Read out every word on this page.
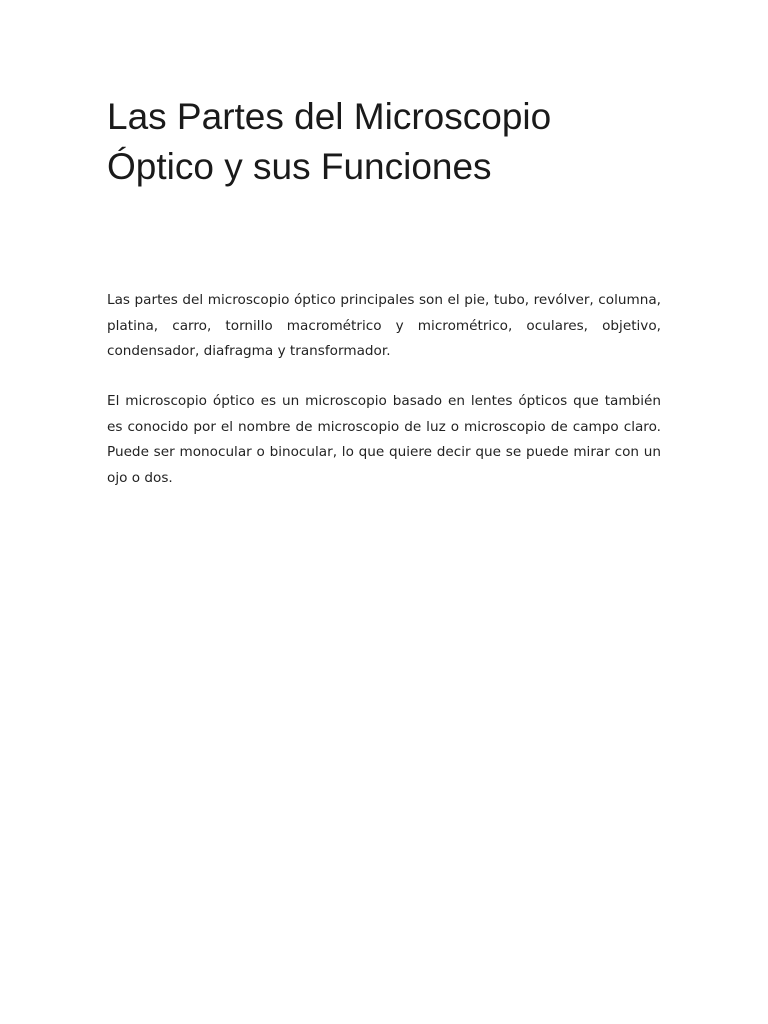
Las Partes del Microscopio
Óptico y sus Funciones

Las partes del microscopio óptico principales son el pie, tubo, revólver, columna, platina, carro, tornillo macrométrico y micrométrico, oculares, objetivo, condensador, diafragma y transformador.

El microscopio óptico es un microscopio basado en lentes ópticos que también es conocido por el nombre de microscopio de luz o microscopio de campo claro. Puede ser monocular o binocular, lo que quiere decir que se puede mirar con un ojo o dos.
